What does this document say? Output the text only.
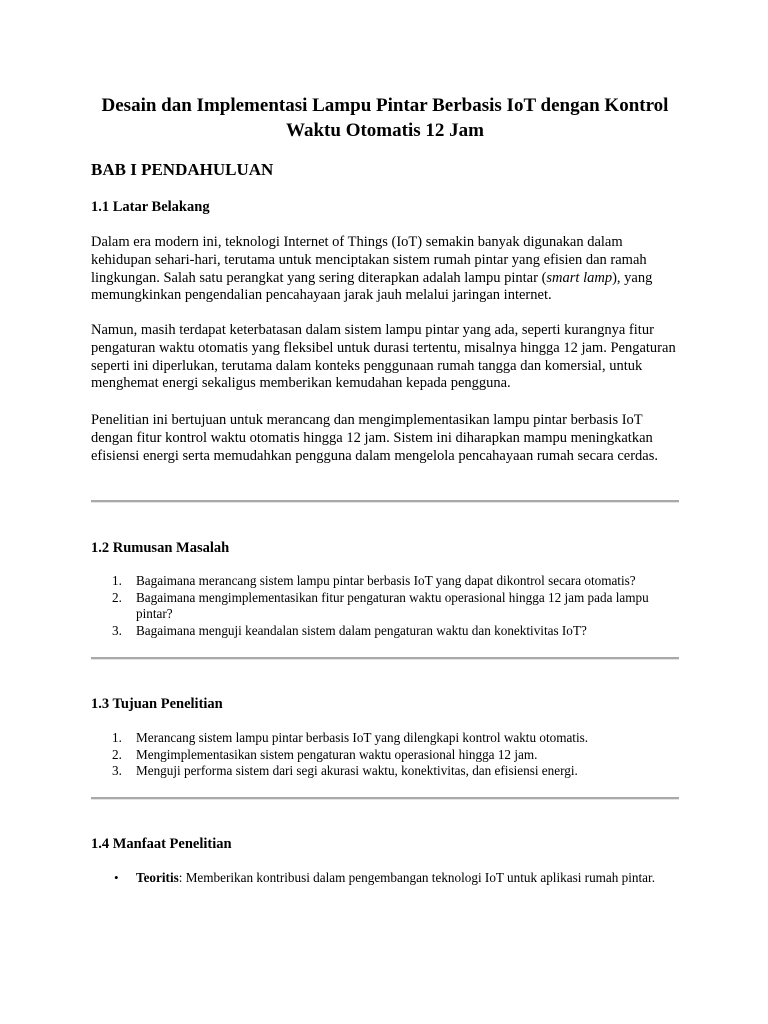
Desain dan Implementasi Lampu Pintar Berbasis IoT dengan Kontrol Waktu Otomatis 12 Jam
BAB I PENDAHULUAN
1.1 Latar Belakang

Dalam era modern ini, teknologi Internet of Things (IoT) semakin banyak digunakan dalam kehidupan sehari-hari, terutama untuk menciptakan sistem rumah pintar yang efisien dan ramah lingkungan. Salah satu perangkat yang sering diterapkan adalah lampu pintar (smart lamp), yang memungkinkan pengendalian pencahayaan jarak jauh melalui jaringan internet.

Namun, masih terdapat keterbatasan dalam sistem lampu pintar yang ada, seperti kurangnya fitur pengaturan waktu otomatis yang fleksibel untuk durasi tertentu, misalnya hingga 12 jam. Pengaturan seperti ini diperlukan, terutama dalam konteks penggunaan rumah tangga dan komersial, untuk menghemat energi sekaligus memberikan kemudahan kepada pengguna.

Penelitian ini bertujuan untuk merancang dan mengimplementasikan lampu pintar berbasis IoT dengan fitur kontrol waktu otomatis hingga 12 jam. Sistem ini diharapkan mampu meningkatkan efisiensi energi serta memudahkan pengguna dalam mengelola pencahayaan rumah secara cerdas.

1.2 Rumusan Masalah
1. Bagaimana merancang sistem lampu pintar berbasis IoT yang dapat dikontrol secara otomatis?
2. Bagaimana mengimplementasikan fitur pengaturan waktu operasional hingga 12 jam pada lampu pintar?
3. Bagaimana menguji keandalan sistem dalam pengaturan waktu dan konektivitas IoT?
1.3 Tujuan Penelitian
1. Merancang sistem lampu pintar berbasis IoT yang dilengkapi kontrol waktu otomatis.
2. Mengimplementasikan sistem pengaturan waktu operasional hingga 12 jam.
3. Menguji performa sistem dari segi akurasi waktu, konektivitas, dan efisiensi energi.
1.4 Manfaat Penelitian
• Teoritis: Memberikan kontribusi dalam pengembangan teknologi IoT untuk aplikasi rumah pintar.
